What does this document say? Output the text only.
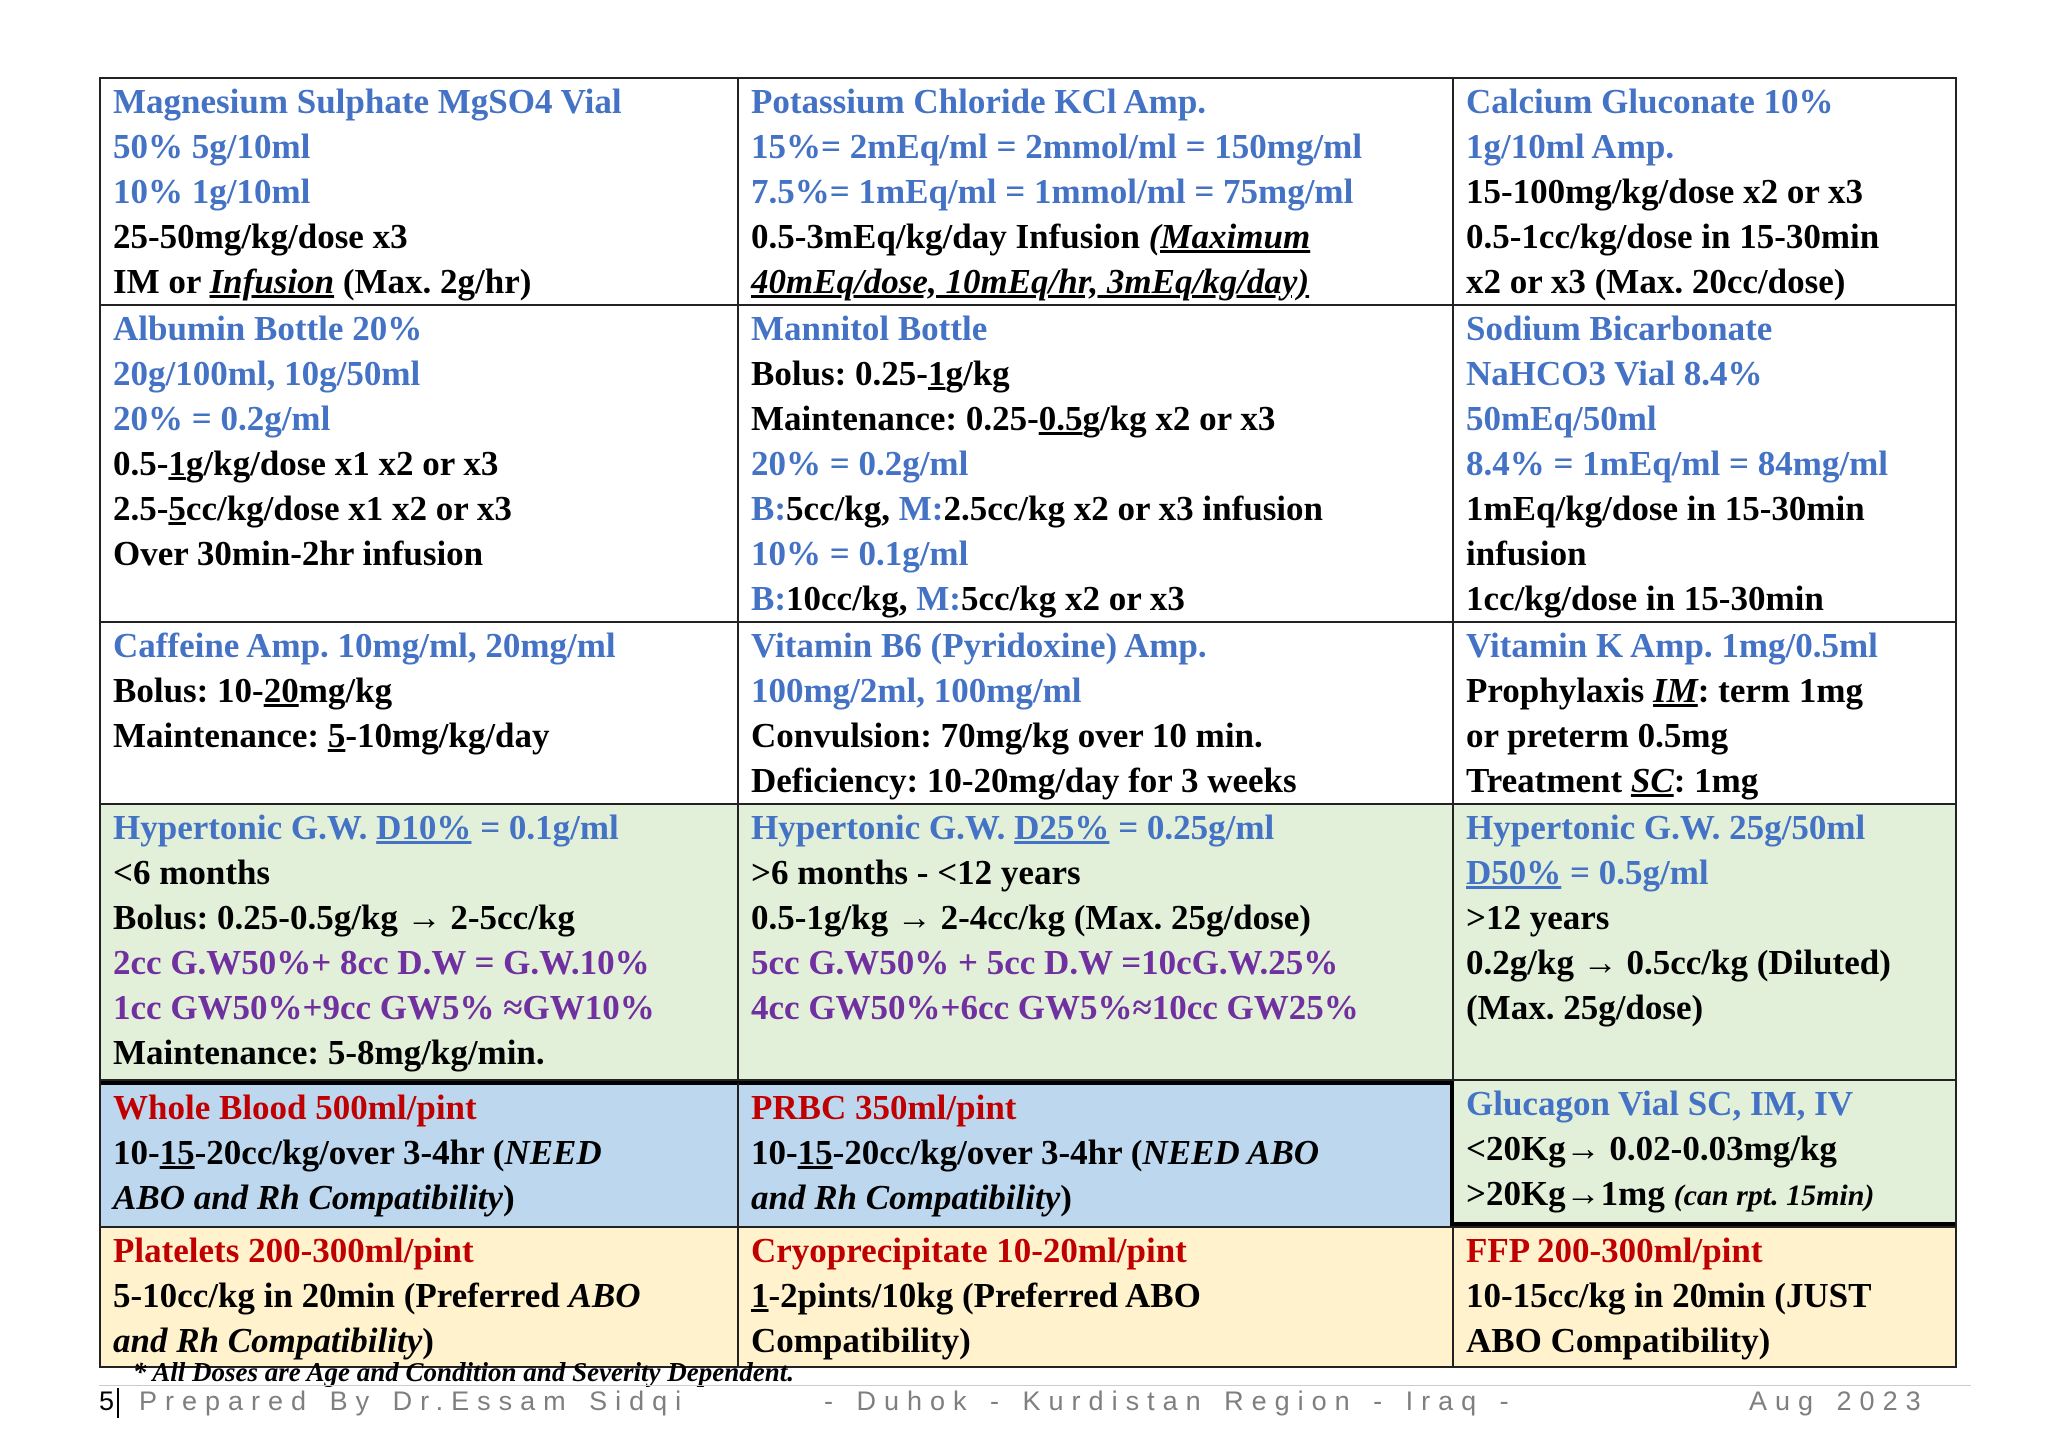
Magnesium Sulphate MgSO4 Vial
50% 5g/10ml
10% 1g/10ml
25-50mg/kg/dose x3
IM or Infusion (Max. 2g/hr)
Potassium Chloride KCl Amp.
15%= 2mEq/ml = 2mmol/ml = 150mg/ml
7.5%= 1mEq/ml = 1mmol/ml = 75mg/ml
0.5-3mEq/kg/day Infusion (Maximum
40mEq/dose, 10mEq/hr, 3mEq/kg/day)
Calcium Gluconate 10%
1g/10ml Amp.
15-100mg/kg/dose x2 or x3
0.5-1cc/kg/dose in 15-30min
x2 or x3 (Max. 20cc/dose)
Albumin Bottle 20%
20g/100ml, 10g/50ml
20% = 0.2g/ml
0.5-1g/kg/dose x1 x2 or x3
2.5-5cc/kg/dose x1 x2 or x3
Over 30min-2hr infusion
Mannitol Bottle
Bolus: 0.25-1g/kg
Maintenance: 0.25-0.5g/kg x2 or x3
20% = 0.2g/ml
B:5cc/kg, M:2.5cc/kg x2 or x3 infusion
10% = 0.1g/ml
B:10cc/kg, M:5cc/kg x2 or x3
Sodium Bicarbonate
NaHCO3 Vial 8.4%
50mEq/50ml
8.4% = 1mEq/ml = 84mg/ml
1mEq/kg/dose in 15-30min
infusion
1cc/kg/dose in 15-30min
Caffeine Amp. 10mg/ml, 20mg/ml
Bolus: 10-20mg/kg
Maintenance: 5-10mg/kg/day
Vitamin B6 (Pyridoxine) Amp.
100mg/2ml, 100mg/ml
Convulsion: 70mg/kg over 10 min.
Deficiency: 10-20mg/day for 3 weeks
Vitamin K Amp. 1mg/0.5ml
Prophylaxis IM: term 1mg
or preterm 0.5mg
Treatment SC: 1mg
Hypertonic G.W. D10% = 0.1g/ml
<6 months
Bolus: 0.25-0.5g/kg → 2-5cc/kg
2cc G.W50%+ 8cc D.W = G.W.10%
1cc GW50%+9cc GW5% ≈GW10%
Maintenance: 5-8mg/kg/min.
Hypertonic G.W. D25% = 0.25g/ml
>6 months - <12 years
0.5-1g/kg → 2-4cc/kg (Max. 25g/dose)
5cc G.W50% + 5cc D.W =10cG.W.25%
4cc GW50%+6cc GW5%≈10cc GW25%
Hypertonic G.W. 25g/50ml
D50% = 0.5g/ml
>12 years
0.2g/kg → 0.5cc/kg (Diluted)
(Max. 25g/dose)
Whole Blood 500ml/pint
10-15-20cc/kg/over 3-4hr (NEED
ABO and Rh Compatibility)
PRBC 350ml/pint
10-15-20cc/kg/over 3-4hr (NEED ABO
and Rh Compatibility)
Glucagon Vial SC, IM, IV
<20Kg→ 0.02-0.03mg/kg
>20Kg→1mg (can rpt. 15min)
Platelets 200-300ml/pint
5-10cc/kg in 20min (Preferred ABO
and Rh Compatibility)
Cryoprecipitate 10-20ml/pint
1-2pints/10kg (Preferred ABO
Compatibility)
FFP 200-300ml/pint
10-15cc/kg in 20min (JUST
ABO Compatibility)
* All Doses are Age and Condition and Severity Dependent.
5 Prepared By Dr.Essam Sidqi	- Duhok - Kurdistan Region - Iraq -	Aug 2023
